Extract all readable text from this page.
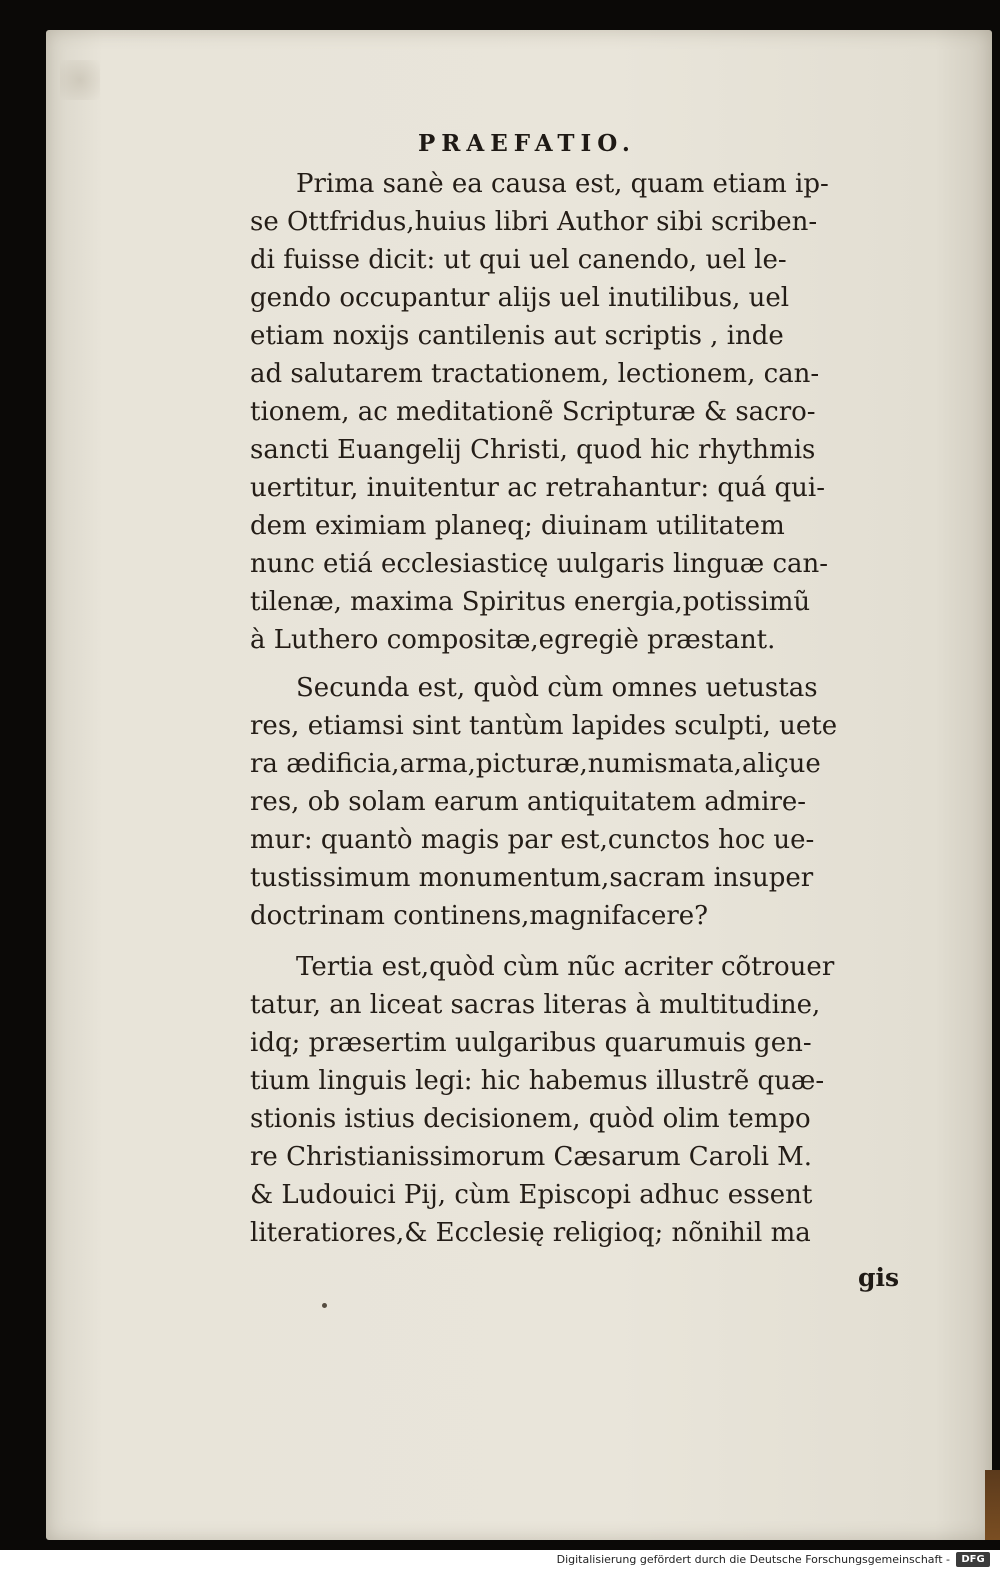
PRAEFATIO.
Prima sanè ea causa est, quam etiam ip-
se Ottfridus,huius libri Author sibi scriben-
di fuisse dicit: ut qui uel canendo, uel le-
gendo occupantur alijs uel inutilibus, uel
etiam noxijs cantilenis aut scriptis , inde
ad salutarem tractationem, lectionem, can-
tionem, ac meditationẽ Scripturæ & sacro-
sancti Euangelij Christi, quod hic rhythmis
uertitur, inuitentur ac retrahantur: quá qui-
dem eximiam planeq; diuinam utilitatem
nunc etiá ecclesiasticę uulgaris linguæ can-
tilenæ, maxima Spiritus energia,potissimũ
à Luthero compositæ,egregiè præstant.
Secunda est, quòd cùm omnes uetustas
res, etiamsi sint tantùm lapides sculpti, uete
ra ædificia,arma,picturæ,numismata,aliçue
res, ob solam earum antiquitatem admire-
mur: quantò magis par est,cunctos hoc ue-
tustissimum monumentum,sacram insuper
doctrinam continens,magnifacere?
Tertia est,quòd cùm nũc acriter cõtrouer
tatur, an liceat sacras literas à multitudine,
idq; præsertim uulgaribus quarumuis gen-
tium linguis legi: hic habemus illustrẽ quæ-
stionis istius decisionem, quòd olim tempo
re Christianissimorum Cæsarum Caroli M.
& Ludouici Pij, cùm Episcopi adhuc essent
literatiores,& Ecclesię religioq; nõnihil ma
gis
Digitalisierung gefördert durch die Deutsche Forschungsgemeinschaft -	DFG
